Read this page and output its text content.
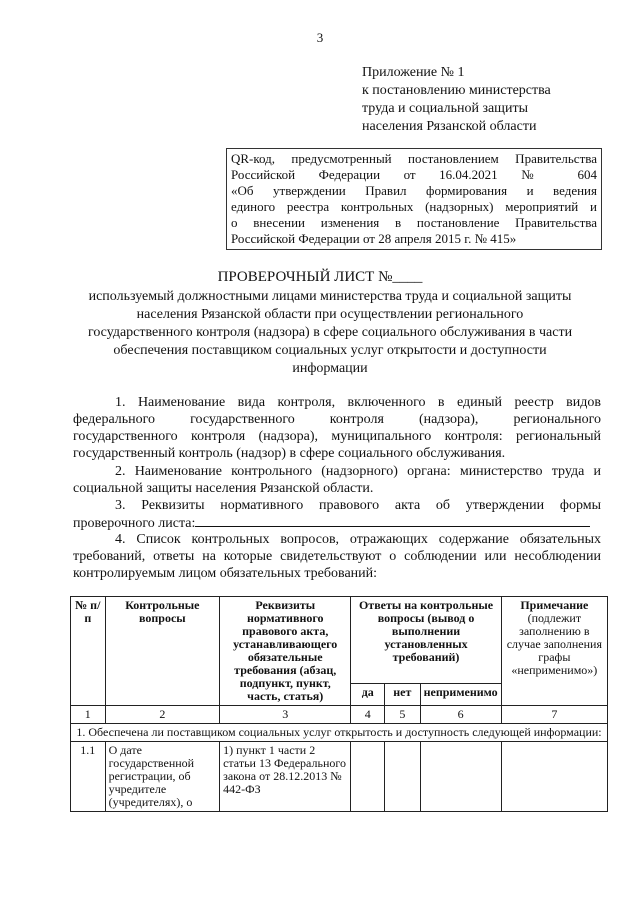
3
Приложение № 1
к постановлению министерства
труда и социальной защиты
населения Рязанской области
QR-код, предусмотренный постановлением Правительства
Российской Федерации от 16.04.2021 № 604
«Об утверждении Правил формирования и ведения
единого реестра контрольных (надзорных) мероприятий и
о внесении изменения в постановление Правительства
Российской Федерации от 28 апреля 2015 г. № 415»
ПРОВЕРОЧНЫЙ ЛИСТ №____
используемый должностными лицами министерства труда и социальной защиты
населения Рязанской области при осуществлении регионального
государственного контроля (надзора) в сфере социального обслуживания в части
обеспечения поставщиком социальных услуг открытости и доступности
информации
1. Наименование вида контроля, включенного в единый реестр видов
федерального государственного контроля (надзора), регионального
государственного контроля (надзора), муниципального контроля: региональный
государственный контроль (надзор) в сфере социального обслуживания.
2. Наименование контрольного (надзорного) органа: министерство труда и
социальной защиты населения Рязанской области.
3. Реквизиты нормативного правового акта об утверждении формы
проверочного листа:
4. Список контрольных вопросов, отражающих содержание обязательных
требований, ответы на которые свидетельствуют о соблюдении или несоблюдении
контролируемым лицом обязательных требований:
№ п/п	Контрольные вопросы	Реквизиты нормативного правового акта, устанавливающего обязательные требования (абзац, подпункт, пункт, часть, статья)	Ответы на контрольные вопросы (вывод о выполнении установленных требований)			Примечание (подлежит заполнению в случае заполнения графы «неприменимо»)
			да	нет	неприменимо	
1	2	3	4	5	6	7
1. Обеспечена ли поставщиком социальных услуг открытость и доступность следующей информации:						
1.1	О дате государственной регистрации, об учредителе (учредителях), о	1) пункт 1 части 2 статьи 13 Федерального закона от 28.12.2013 № 442-ФЗ				
